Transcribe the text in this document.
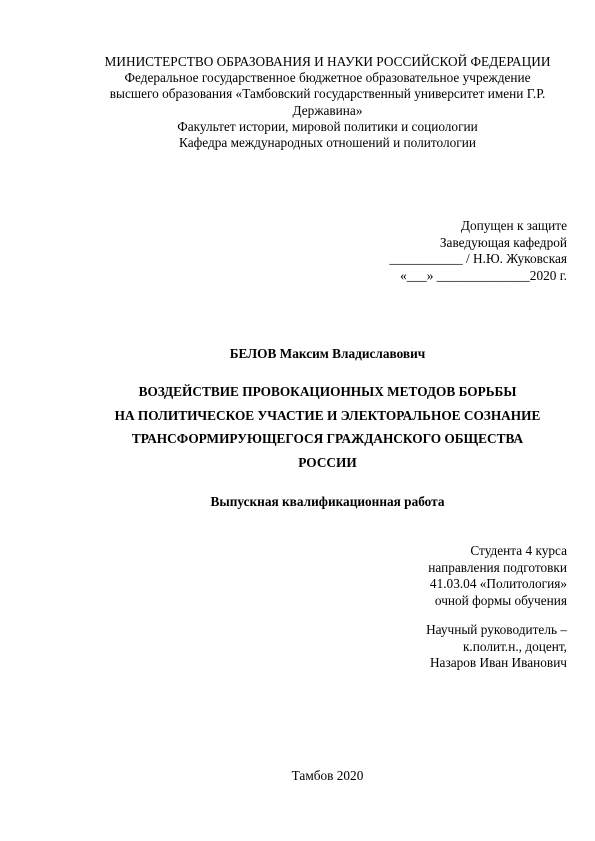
МИНИСТЕРСТВО ОБРАЗОВАНИЯ И НАУКИ РОССИЙСКОЙ ФЕДЕРАЦИИ
Федеральное государственное бюджетное образовательное учреждение
высшего образования «Тамбовский государственный университет имени Г.Р.
Державина»
Факультет истории, мировой политики и социологии
Кафедра международных отношений и политологии
Допущен к защите
Заведующая кафедрой
___________ / Н.Ю. Жуковская
«___» ______________2020 г.
БЕЛОВ Максим Владиславович
ВОЗДЕЙСТВИЕ ПРОВОКАЦИОННЫХ МЕТОДОВ БОРЬБЫ
НА ПОЛИТИЧЕСКОЕ УЧАСТИЕ И ЭЛЕКТОРАЛЬНОЕ СОЗНАНИЕ
ТРАНСФОРМИРУЮЩЕГОСЯ ГРАЖДАНСКОГО ОБЩЕСТВА
РОССИИ
Выпускная квалификационная работа
Студента 4 курса
направления подготовки
41.03.04 «Политология»
очной формы обучения
Научный руководитель –
к.полит.н., доцент,
Назаров Иван Иванович
Тамбов 2020
